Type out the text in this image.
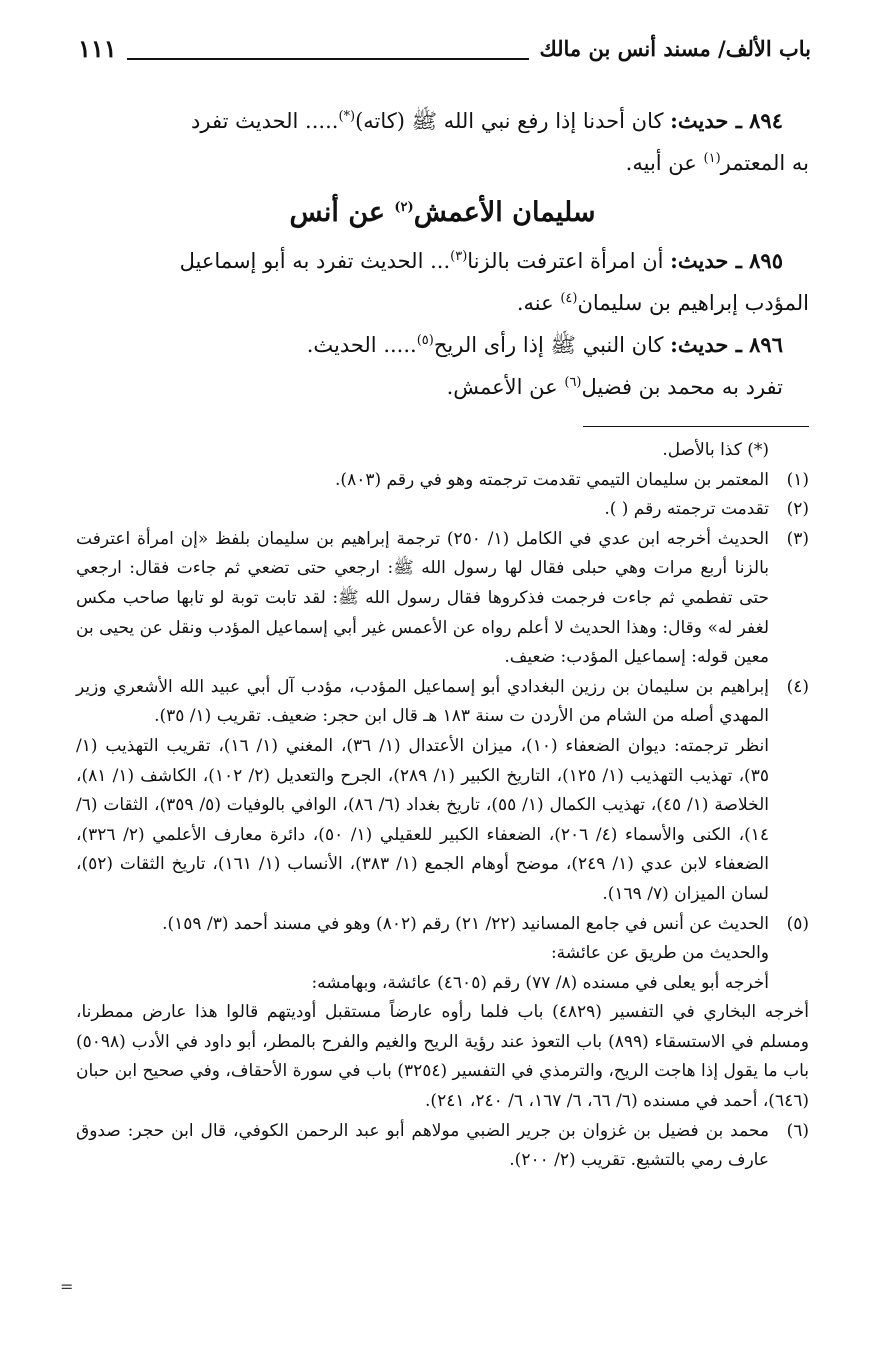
باب الألف/ مسند أنس بن مالك
١١١

٨٩٤ ـ حديث: كان أحدنا إذا رفع نبي الله ﷺ (كاته)(*)..... الحديث تفرد

به المعتمر$^{(١)}$ عن أبيه.

سليمان الأعمش$^{(٢)}$ عن أنس

٨٩٥ ـ حديث: أن امرأة اعترفت بالزنا$^{(٣)}$... الحديث تفرد به أبو إسماعيل

المؤدب إبراهيم بن سليمان$^{(٤)}$ عنه.

٨٩٦ ـ حديث: كان النبي ﷺ إذا رأى الريح$^{(٥)}$..... الحديث.

تفرد به محمد بن فضيل$^{(٦)}$ عن الأعمش.

(*) كذا بالأصل.

(١)
المعتمر بن سليمان التيمي تقدمت ترجمته وهو في رقم (٨٠٣).
(٢)
تقدمت ترجمته رقم ( ).
(٣)
الحديث أخرجه ابن عدي في الكامل (١/ ٢٥٠) ترجمة إبراهيم بن سليمان بلفظ «إن امرأة اعترفت بالزنا أربع مرات وهي حبلى فقال لها رسول الله ﷺ: ارجعي حتى تضعي ثم جاءت فقال: ارجعي حتى تفطمي ثم جاءت فرجمت فذكروها فقال رسول الله ﷺ: لقد تابت توبة لو تابها صاحب مكس لغفر له» وقال: وهذا الحديث لا أعلم رواه عن الأعمس غير أبي إسماعيل المؤدب ونقل عن يحيى بن معين قوله: إسماعيل المؤدب: ضعيف.
(٤)

إبراهيم بن سليمان بن رزين البغدادي أبو إسماعيل المؤدب، مؤدب آل أبي عبيد الله الأشعري وزير المهدي أصله من الشام من الأردن ت سنة ١٨٣ هـ قال ابن حجر: ضعيف. تقريب (١/ ٣٥).

انظر ترجمته: ديوان الضعفاء (١٠)، ميزان الأعتدال (١/ ٣٦)، المغني (١/ ١٦)، تقريب التهذيب (١/ ٣٥)، تهذيب التهذيب (١/ ١٢٥)، التاريخ الكبير (١/ ٢٨٩)، الجرح والتعديل (٢/ ١٠٢)، الكاشف (١/ ٨١)، الخلاصة (١/ ٤٥)، تهذيب الكمال (١/ ٥٥)، تاريخ بغداد (٦/ ٨٦)، الوافي بالوفيات (٥/ ٣٥٩)، الثقات (٦/ ١٤)، الكنى والأسماء (٤/ ٢٠٦)، الضعفاء الكبير للعقيلي (١/ ٥٠)، دائرة معارف الأعلمي (٢/ ٣٢٦)، الضعفاء لابن عدي (١/ ٢٤٩)، موضح أوهام الجمع (١/ ٣٨٣)، الأنساب (١/ ١٦١)، تاريخ الثقات (٥٢)، لسان الميزان (٧/ ١٦٩).

(٥)

الحديث عن أنس في جامع المسانيد (٢٢/ ٢١) رقم (٨٠٢) وهو في مسند أحمد (٣/ ١٥٩).

والحديث من طريق عن عائشة:

أخرجه أبو يعلى في مسنده (٨/ ٧٧) رقم (٤٦٠٥) عائشة، وبهامشه:

أخرجه البخاري في التفسير (٤٨٢٩) باب فلما رأوه عارضاً مستقبل أوديتهم قالوا هذا عارض ممطرنا، ومسلم في الاستسقاء (٨٩٩) باب التعوذ عند رؤية الريح والغيم والفرح بالمطر، أبو داود في الأدب (٥٠٩٨) باب ما يقول إذا هاجت الريح، والترمذي في التفسير (٣٢٥٤) باب في سورة الأحقاف، وفي صحيح ابن حبان (٦٤٦)، أحمد في مسنده (٦/ ٦٦، ٦/ ١٦٧، ٦/ ٢٤٠، ٢٤١).

(٦)
محمد بن فضيل بن غزوان بن جرير الضبي مولاهم أبو عبد الرحمن الكوفي، قال ابن حجر: صدوق عارف رمي بالتشيع. تقريب (٢/ ٢٠٠).
=
